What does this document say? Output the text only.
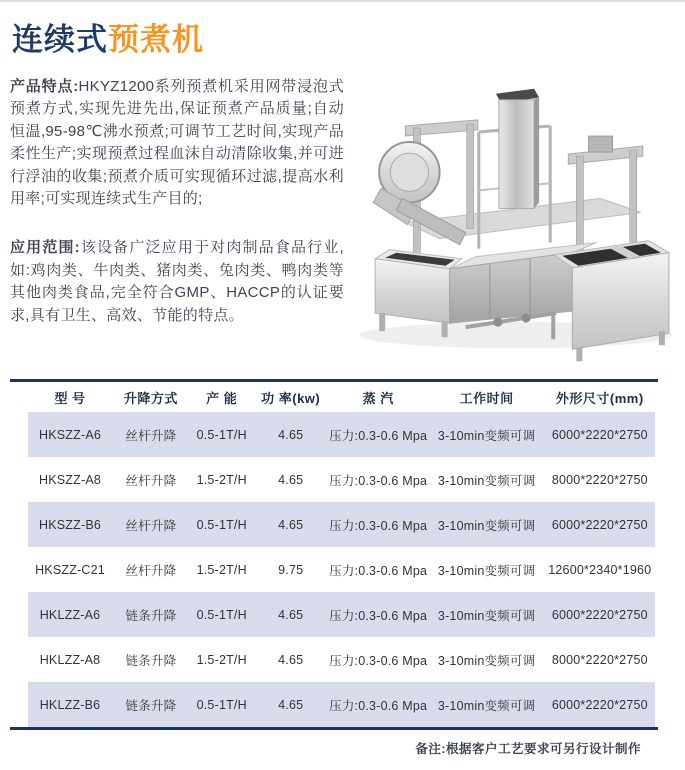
连续式预煮机

产品特点:HKYZ1200系列预煮机采用网带浸泡式预煮方式,实现先进先出,保证预煮产品质量;自动恒温,95-98℃沸水预煮;可调节工艺时间,实现产品柔性生产;实现预煮过程血沫自动清除收集,并可进行浮油的收集;预煮介质可实现循环过滤,提高水利用率;可实现连续式生产目的;

应用范围:该设备广泛应用于对肉制品食品行业,如:鸡肉类、牛肉类、猪肉类、兔肉类、鸭肉类等其他肉类食品,完全符合GMP、HACCP的认证要求,具有卫生、高效、节能的特点。

型 号	升降方式	产 能	功 率(kw)	蒸 汽	工作时间	外形尺寸(mm)
HKSZZ-A6	丝杆升降	0.5-1T/H	4.65	压力:0.3-0.6 Mpa	3-10min变频可调	6000*2220*2750
HKSZZ-A8	丝杆升降	1.5-2T/H	4.65	压力:0.3-0.6 Mpa	3-10min变频可调	8000*2220*2750
HKSZZ-B6	丝杆升降	0.5-1T/H	4.65	压力:0.3-0.6 Mpa	3-10min变频可调	6000*2220*2750
HKSZZ-C21	丝杆升降	1.5-2T/H	9.75	压力:0.3-0.6 Mpa	3-10min变频可调	12600*2340*1960
HKLZZ-A6	链条升降	0.5-1T/H	4.65	压力:0.3-0.6 Mpa	3-10min变频可调	6000*2220*2750
HKLZZ-A8	链条升降	1.5-2T/H	4.65	压力:0.3-0.6 Mpa	3-10min变频可调	8000*2220*2750
HKLZZ-B6	链条升降	0.5-1T/H	4.65	压力:0.3-0.6 Mpa	3-10min变频可调	6000*2220*2750
备注:根据客户工艺要求可另行设计制作
